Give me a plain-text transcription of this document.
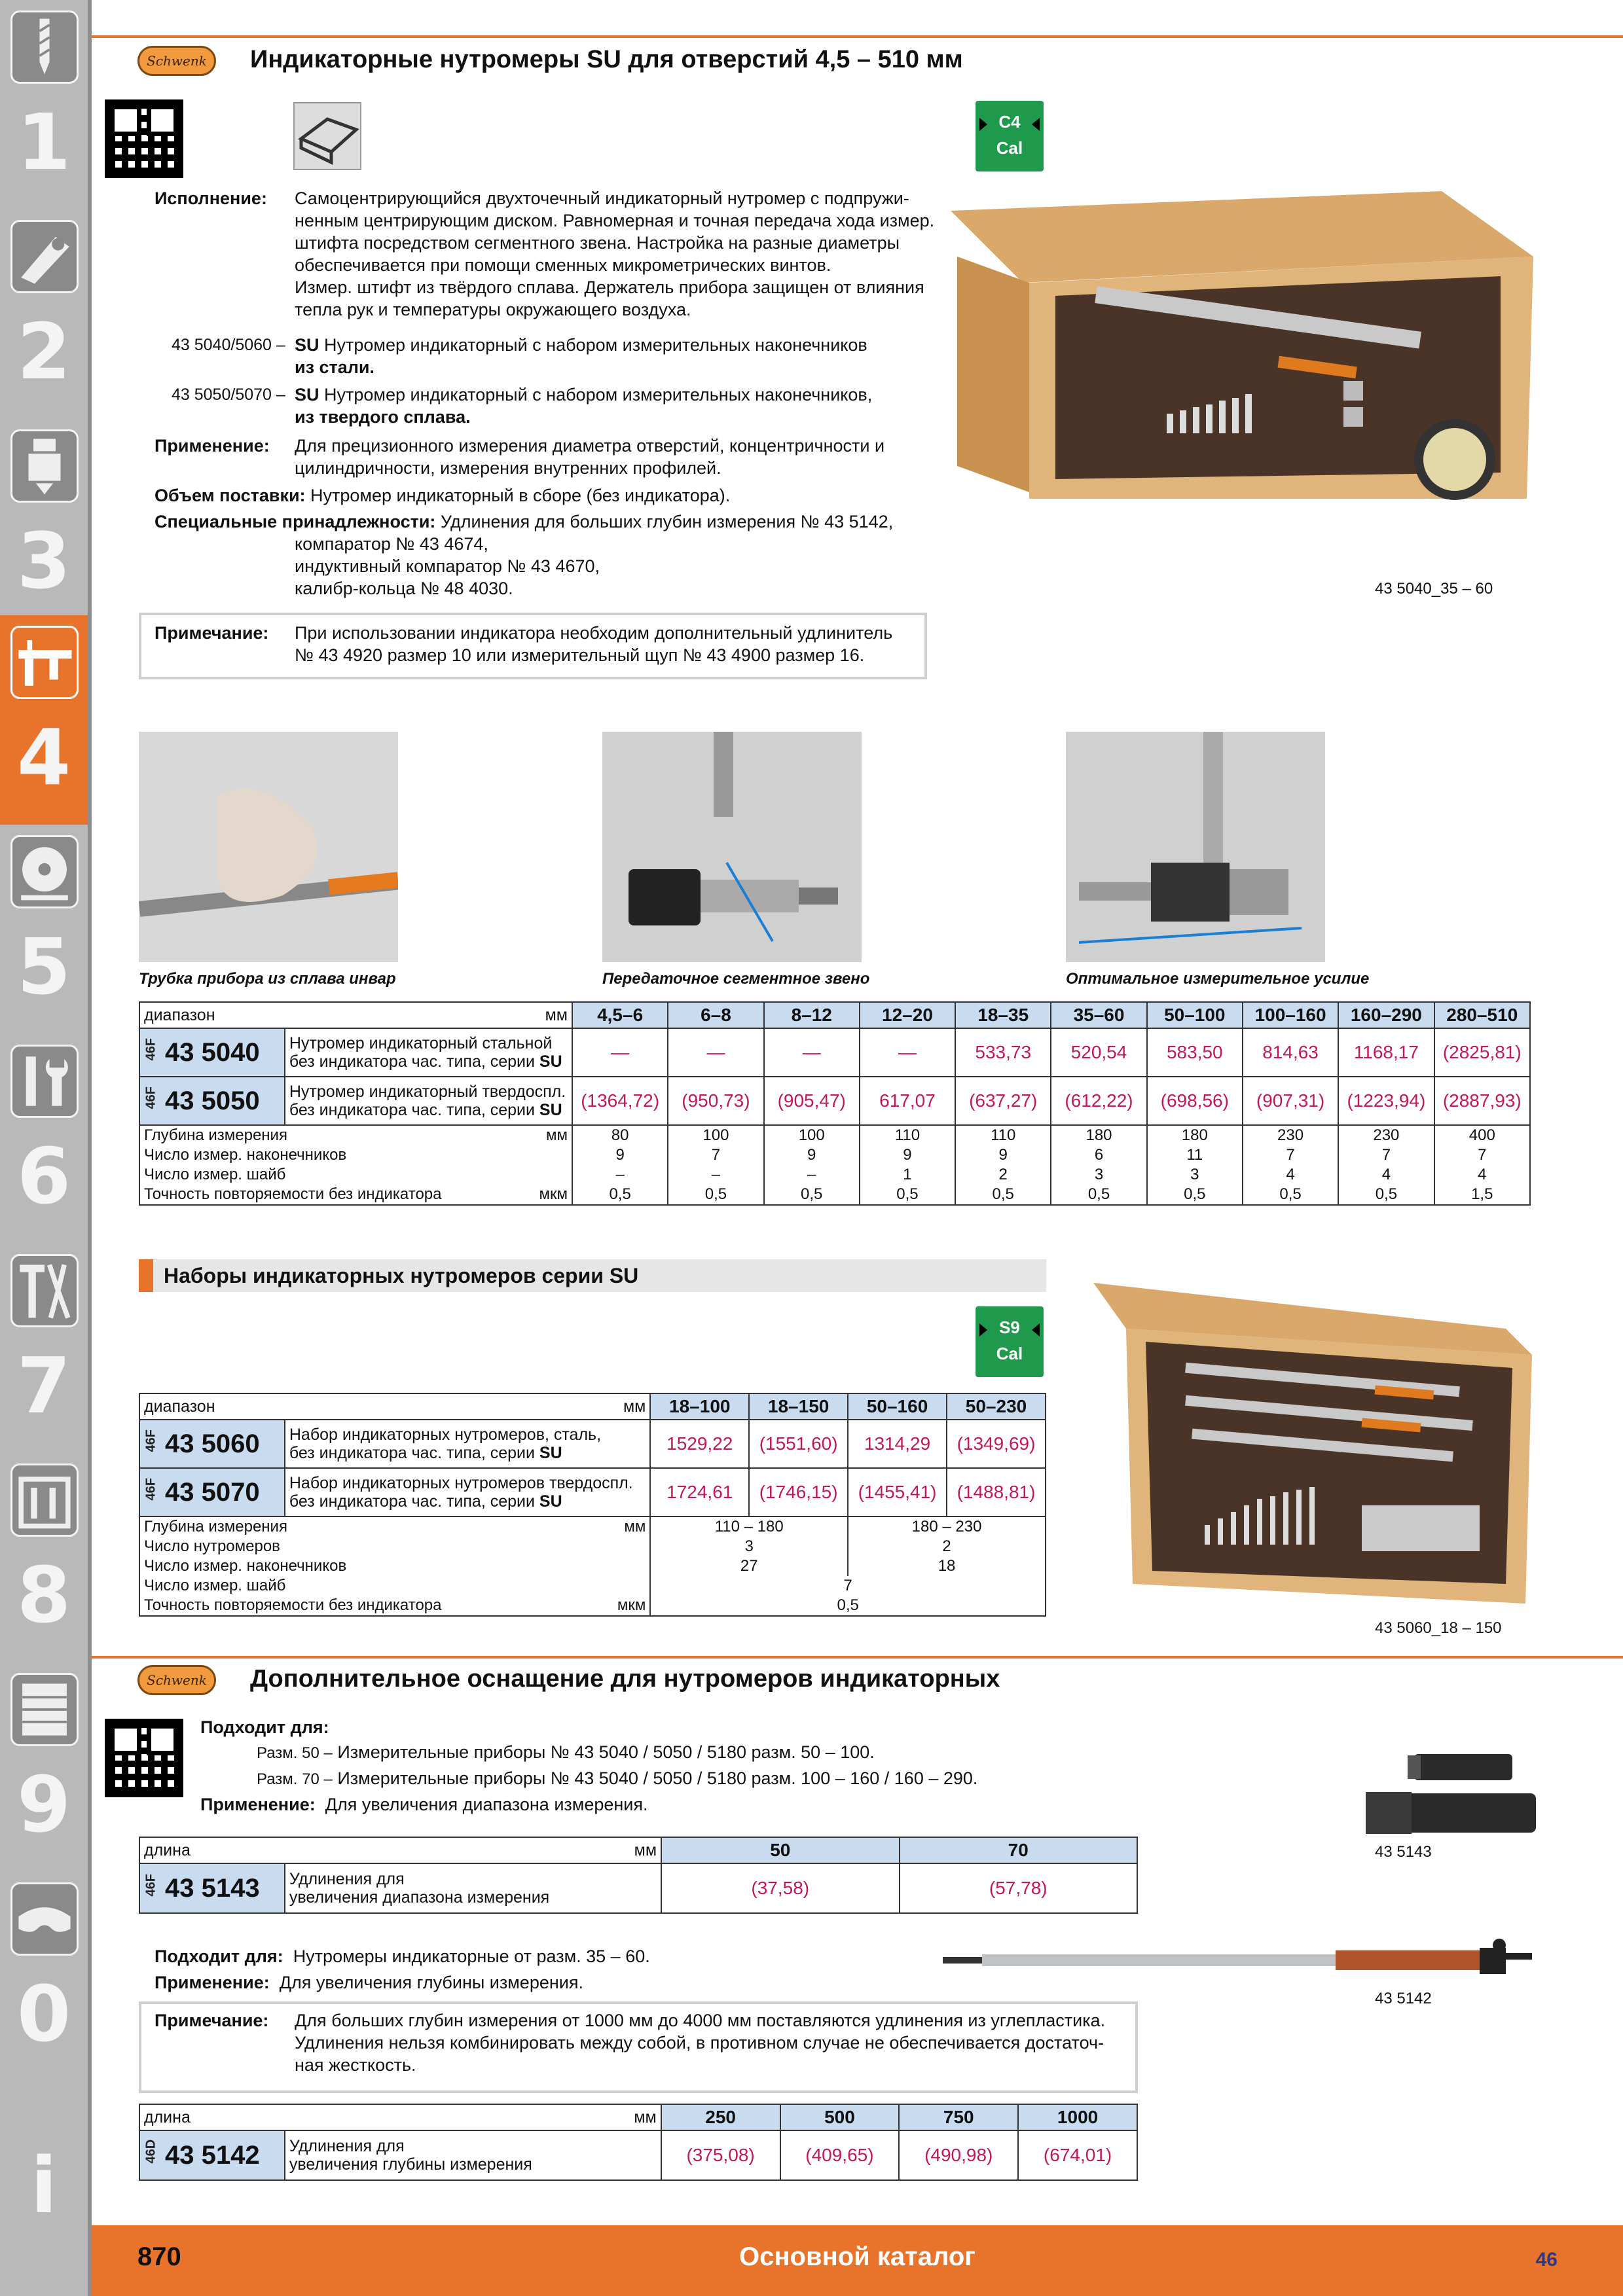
1
2
3
4
5
6
7
8
9
0
i
Schwenk	Индикаторные нутромеры SU для отверстий 4,5 – 510 мм
C4
Cal
Исполнение: Самоцентрирующийся двухточечный индикаторный нутромер с подпружи-
ненным центрирующим диском. Равномерная и точная передача хода измер.
штифта посредством сегментного звена. Настройка на разные диаметры
обеспечивается при помощи сменных микрометрических винтов.
Измер. штифт из твёрдого сплава. Держатель прибора защищен от влияния
тепла рук и температуры окружающего воздуха.
43 5040/5060 – SU Нутромер индикаторный с набором измерительных наконечников
из стали.
43 5050/5070 – SU Нутромер индикаторный с набором измерительных наконечников,
из твердого сплава.
Применение: Для прецизионного измерения диаметра отверстий, концентричности и
цилиндричности, измерения внутренних профилей.
Объем поставки: Нутромер индикаторный в сборе (без индикатора).
Специальные принадлежности: Удлинения для больших глубин измерения № 43 5142,
компаратор № 43 4674,
индуктивный компаратор № 43 4670,
калибр-кольца № 48 4030.
Примечание: При использовании индикатора необходим дополнительный удлинитель
№ 43 4920 размер 10 или измерительный щуп № 43 4900 размер 16.
43 5040_35 – 60
Трубка прибора из сплава инвар	Передаточное сегментное звено	Оптимальное измерительное усилие
диапазон мм		4,5–6	6–8	8–12	12–20	18–35	35–60	50–100	100–160	160–290	280–510
46F 43 5040	Нутромер индикаторный стальной
без индикатора час. типа, серии SU	—	—	—	—	533,73	520,54	583,50	814,63	1168,17	(2825,81)
46F 43 5050	Нутромер индикаторный твердоспл.
без индикатора час. типа, серии SU	(1364,72)	(950,73)	(905,47)	617,07	(637,27)	(612,22)	(698,56)	(907,31)	(1223,94)	(2887,93)
Глубина измерения мм		80	100	100	110	110	180	180	230	230	400
Число измер. наконечников		9	7	9	9	9	6	11	7	7	7
Число измер. шайб		–	–	–	1	2	3	3	4	4	4
Точность повторяемости без индикатора мкм		0,5	0,5	0,5	0,5	0,5	0,5	0,5	0,5	0,5	1,5
Наборы индикаторных нутромеров серии SU
S9
Cal
43 5060_18 – 150
диапазон мм		18–100	18–150	50–160	50–230
46F 43 5060	Набор индикаторных нутромеров, сталь,
без индикатора час. типа, серии SU	1529,22	(1551,60)	1314,29	(1349,69)
46F 43 5070	Набор индикаторных нутромеров твердоспл.
без индикатора час. типа, серии SU	1724,61	(1746,15)	(1455,41)	(1488,81)
Глубина измерения мм		110 – 180		180 – 230	
Число нутромеров		3		2	
Число измер. наконечников		27		18	
Число измер. шайб		7			
Точность повторяемости без индикатора мкм		0,5			
Schwenk	Дополнительное оснащение для нутромеров индикаторных
Подходит для:
Разм. 50 – Измерительные приборы № 43 5040 / 5050 / 5180 разм. 50 – 100.
Разм. 70 – Измерительные приборы № 43 5040 / 5050 / 5180 разм. 100 – 160 / 160 – 290.
Применение: Для увеличения диапазона измерения.
43 5143
длина мм		50	70
46F 43 5143	Удлинения для
увеличения диапазона измерения	(37,58)	(57,78)
Подходит для: Нутромеры индикаторные от разм. 35 – 60.
Применение: Для увеличения глубины измерения.
43 5142
Примечание: Для больших глубин измерения от 1000 мм до 4000 мм поставляются удлинения из углепластика.
Удлинения нельзя комбинировать между собой, в противном случае не обеспечивается достаточ-
ная жесткость.
длина мм		250	500	750	1000
46D 43 5142	Удлинения для
увеличения глубины измерения	(375,08)	(409,65)	(490,98)	(674,01)
870	Основной каталог	46
